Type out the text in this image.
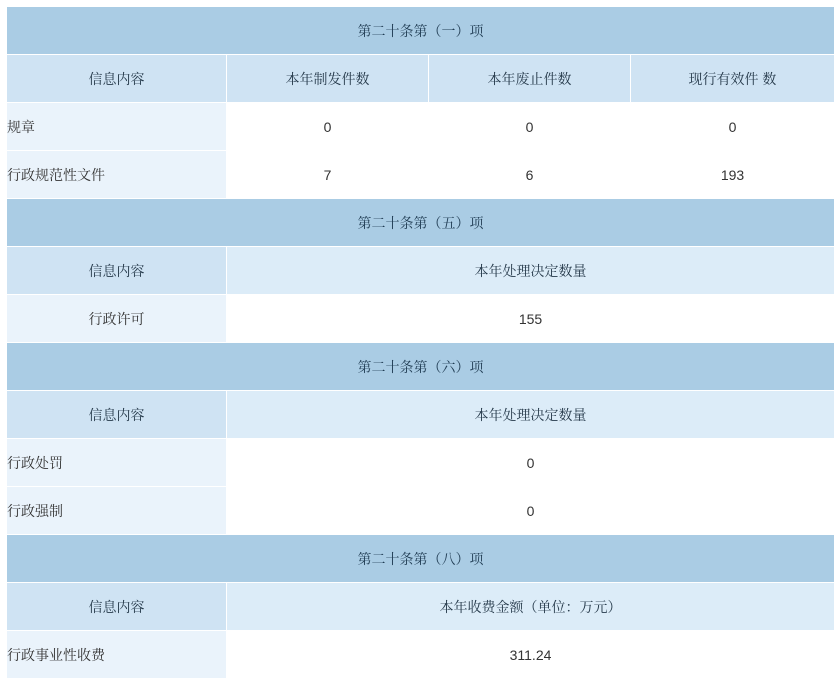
第二十条第（一）项			
信息内容	本年制发件数	本年废止件数	现行有效件 数
规章	0	0	0
行政规范性文件	7	6	193
第二十条第（五）项			
信息内容	本年处理决定数量		
行政许可	155		
第二十条第（六）项			
信息内容	本年处理决定数量		
行政处罚	0		
行政强制	0		
第二十条第（八）项			
信息内容	本年收费金额（单位：万元）		
行政事业性收费	311.24		
